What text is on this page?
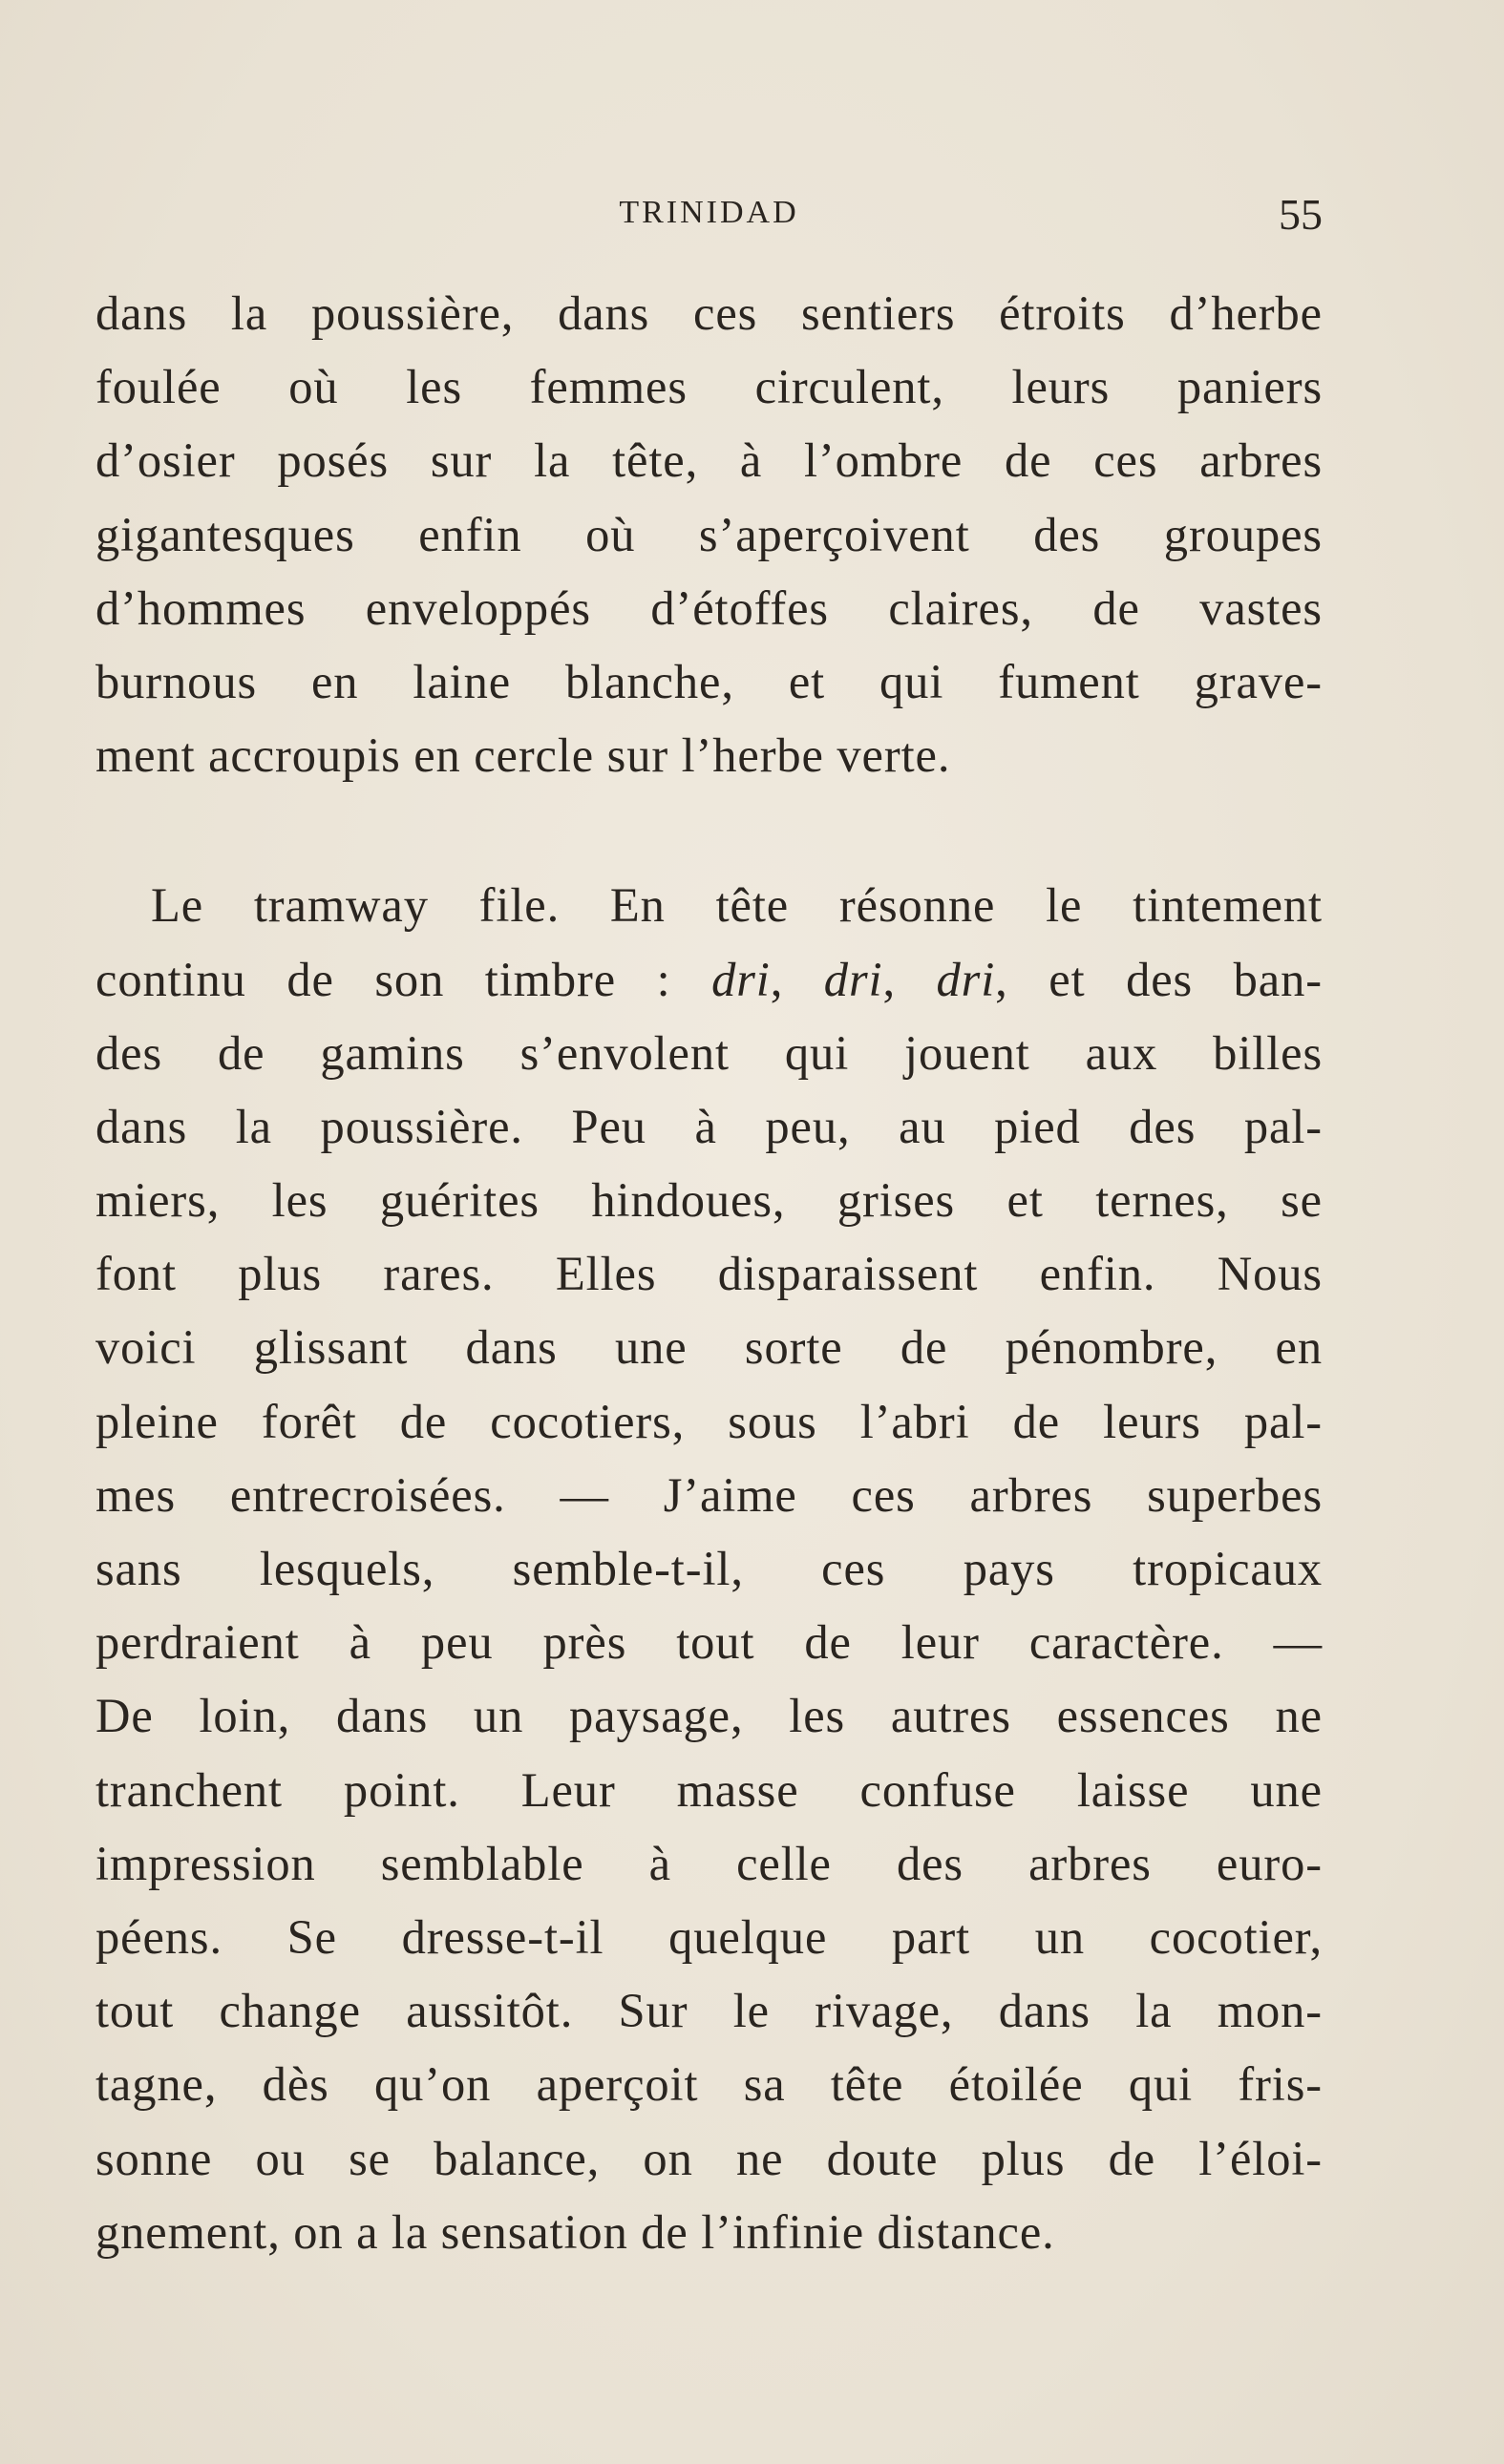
TRINIDAD	55
dans la poussière, dans ces sentiers étroits d’herbe
foulée où les femmes circulent, leurs paniers
d’osier posés sur la tête, à l’ombre de ces arbres
gigantesques enfin où s’aperçoivent des groupes
d’hommes enveloppés d’étoffes claires, de vastes
burnous en laine blanche, et qui fument grave-
ment accroupis en cercle sur l’herbe verte.
Le tramway file. En tête résonne le tintement
continu de son timbre : dri, dri, dri, et des ban-
des de gamins s’envolent qui jouent aux billes
dans la poussière. Peu à peu, au pied des pal-
miers, les guérites hindoues, grises et ternes, se
font plus rares. Elles disparaissent enfin. Nous
voici glissant dans une sorte de pénombre, en
pleine forêt de cocotiers, sous l’abri de leurs pal-
mes entrecroisées. — J’aime ces arbres superbes
sans lesquels, semble-t-il, ces pays tropicaux
perdraient à peu près tout de leur caractère. —
De loin, dans un paysage, les autres essences ne
tranchent point. Leur masse confuse laisse une
impression semblable à celle des arbres euro-
péens. Se dresse-t-il quelque part un cocotier,
tout change aussitôt. Sur le rivage, dans la mon-
tagne, dès qu’on aperçoit sa tête étoilée qui fris-
sonne ou se balance, on ne doute plus de l’éloi-
gnement, on a la sensation de l’infinie distance.
